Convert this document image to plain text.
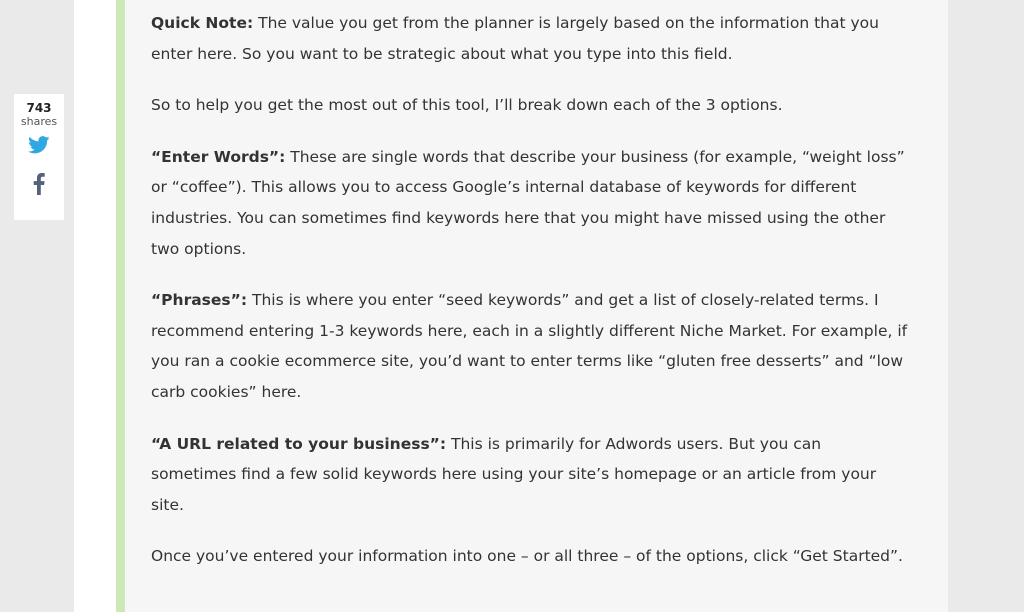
Quick Note: The value you get from the planner is largely based on the information that you enter here. So you want to be strategic about what you type into this field.

So to help you get the most out of this tool, I’ll break down each of the 3 options.

“Enter Words”: These are single words that describe your business (for example, “weight loss” or “coffee”). This allows you to access Google’s internal database of keywords for different industries. You can sometimes find keywords here that you might have missed using the other two options.

“Phrases”: This is where you enter “seed keywords” and get a list of closely-related terms. I recommend entering 1-3 keywords here, each in a slightly different Niche Market. For example, if you ran a cookie ecommerce site, you’d want to enter terms like “gluten free desserts” and “low carb cookies” here.

“A URL related to your business”: This is primarily for Adwords users. But you can sometimes find a few solid keywords here using your site’s homepage or an article from your site.

Once you’ve entered your information into one – or all three – of the options, click “Get Started”.

743
shares
